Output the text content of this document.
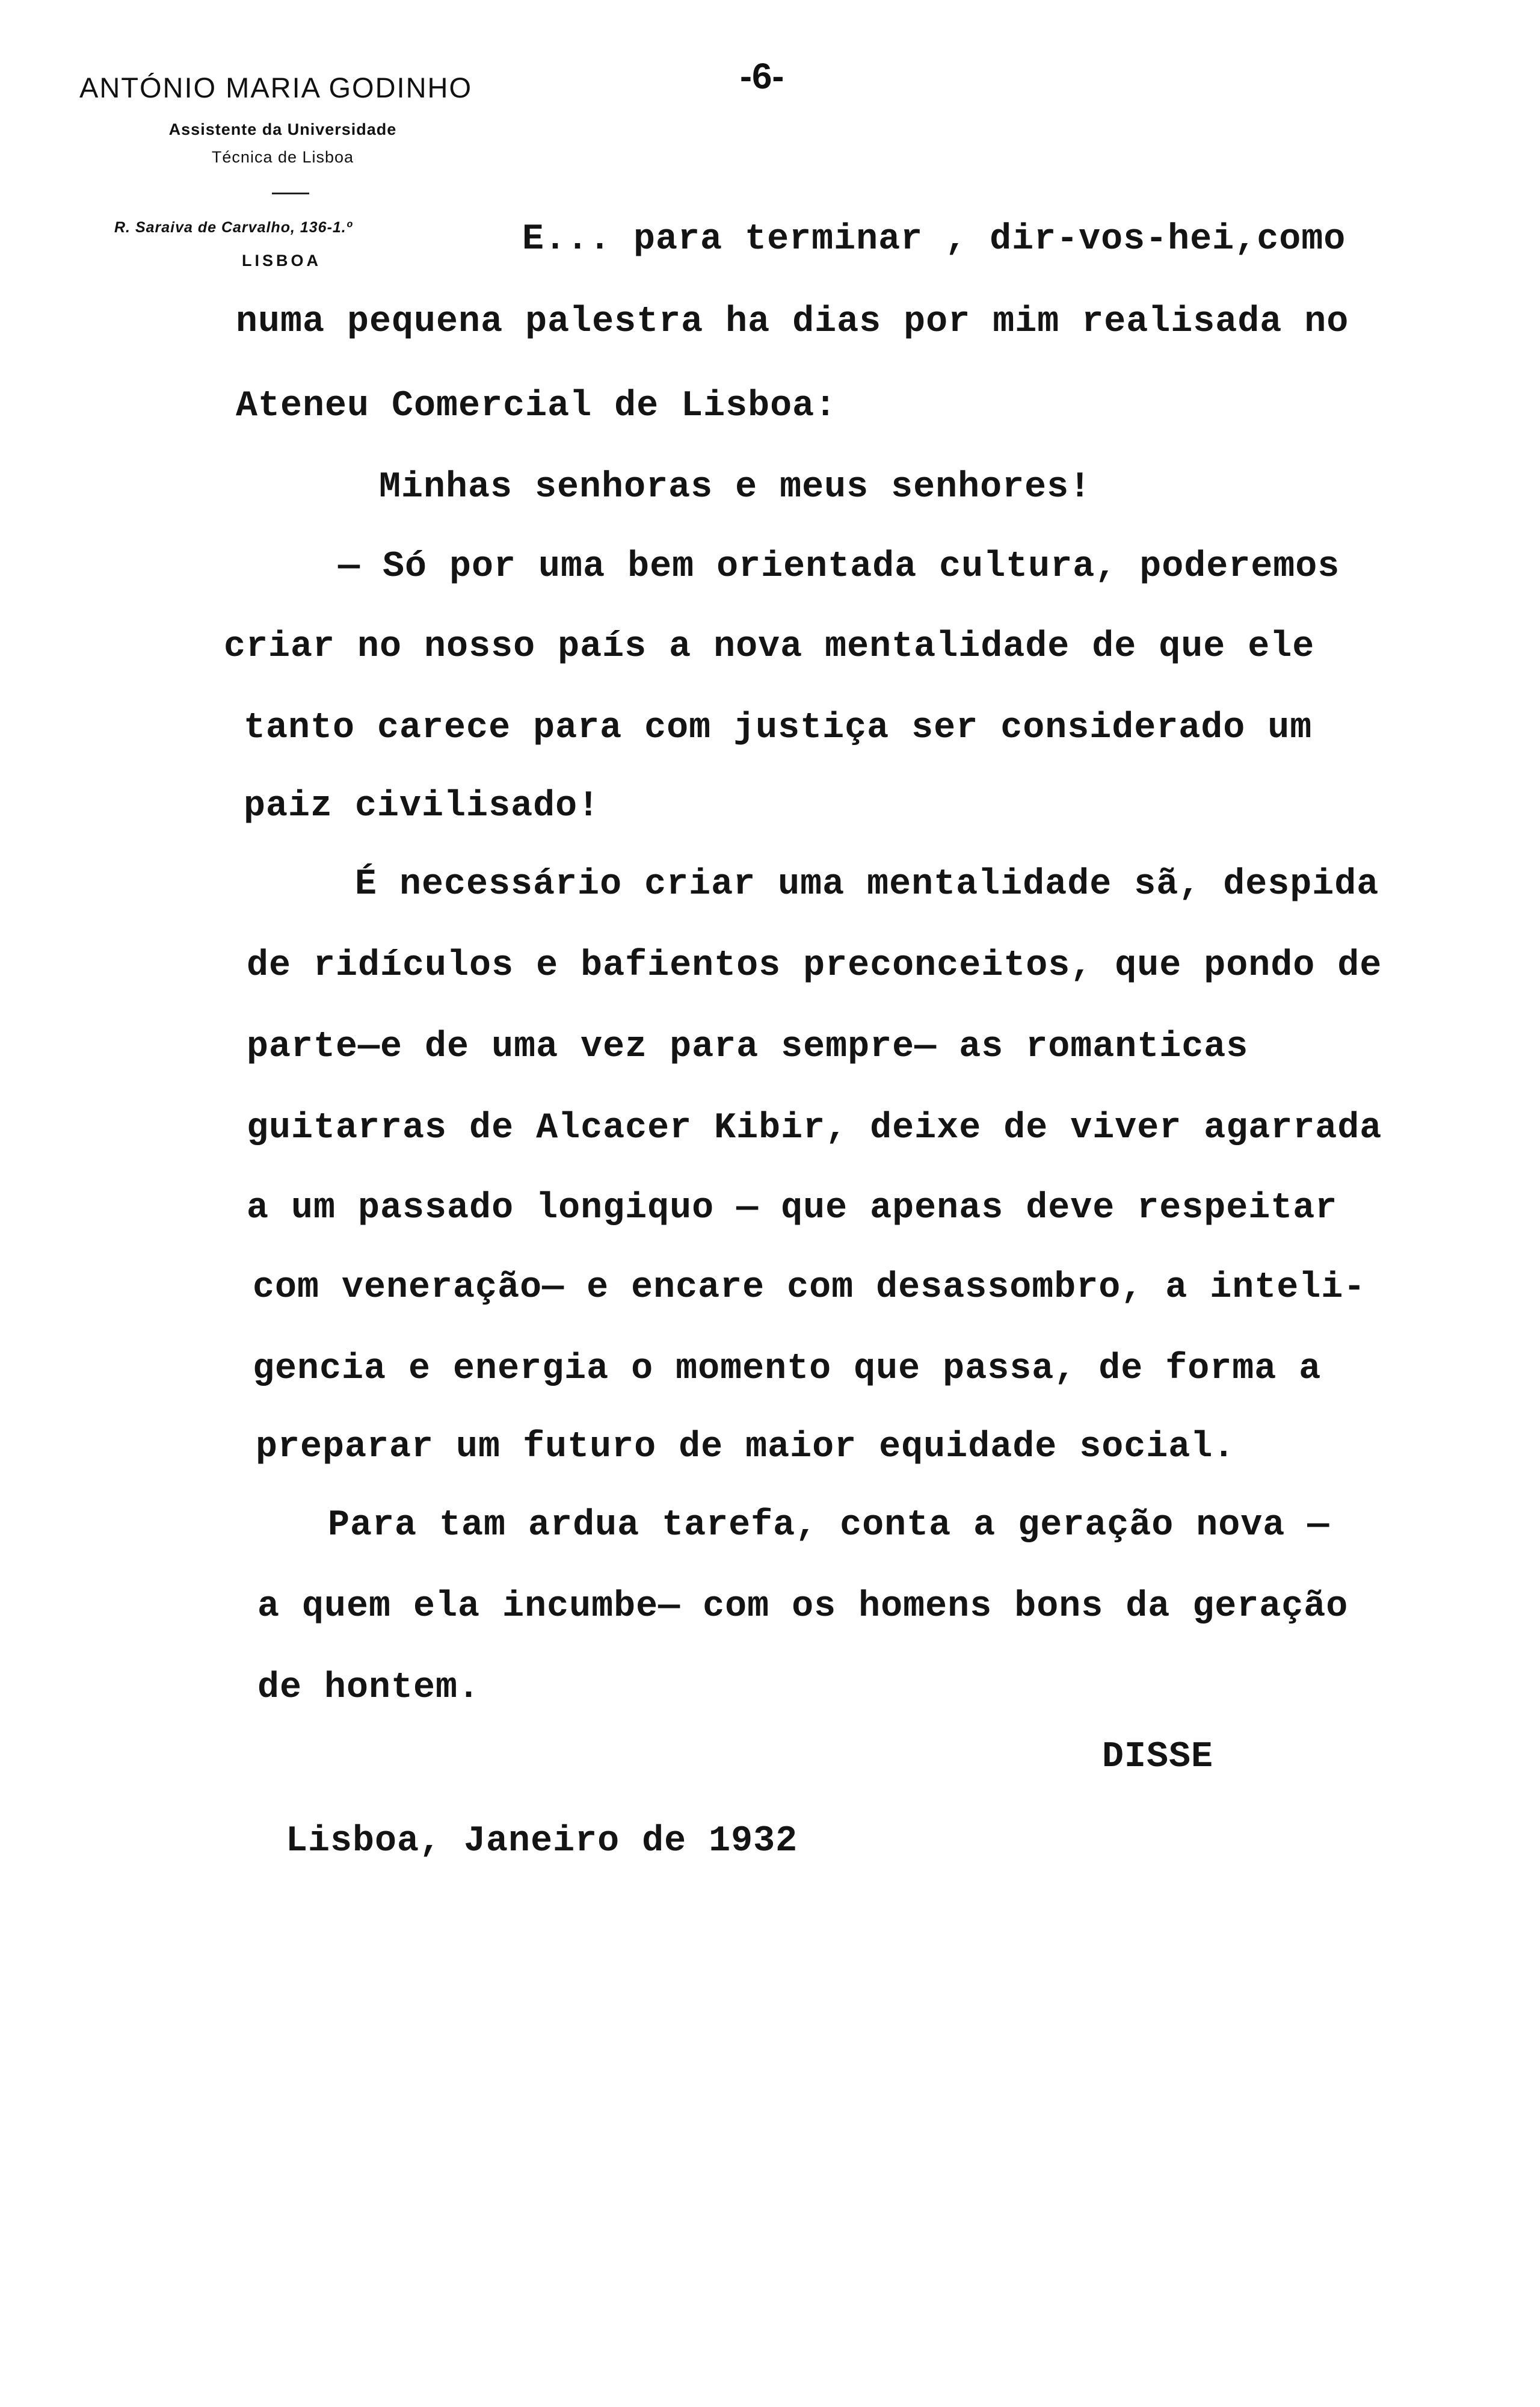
ANTÓNIO MARIA GODINHO
Assistente da Universidade
Técnica de Lisboa
R. Saraiva de Carvalho, 136-1.º
LISBOA
-6-
E... para terminar , dir-vos-hei,como
numa pequena palestra ha dias por mim realisada no
Ateneu Comercial de Lisboa:
Minhas senhoras e meus senhores!
— Só por uma bem orientada cultura, poderemos
criar no nosso país a nova mentalidade de que ele
tanto carece para com justiça ser considerado um
paiz civilisado!
É necessário criar uma mentalidade sã, despida
de ridículos e bafientos preconceitos, que pondo de
parte—e de uma vez para sempre— as romanticas
guitarras de Alcacer Kibir, deixe de viver agarrada
a um passado longiquo — que apenas deve respeitar
com veneração— e encare com desassombro, a inteli-
gencia e energia o momento que passa, de forma a
preparar um futuro de maior equidade social.
Para tam ardua tarefa, conta a geração nova —
a quem ela incumbe— com os homens bons da geração
de hontem.
DISSE
Lisboa, Janeiro de 1932
